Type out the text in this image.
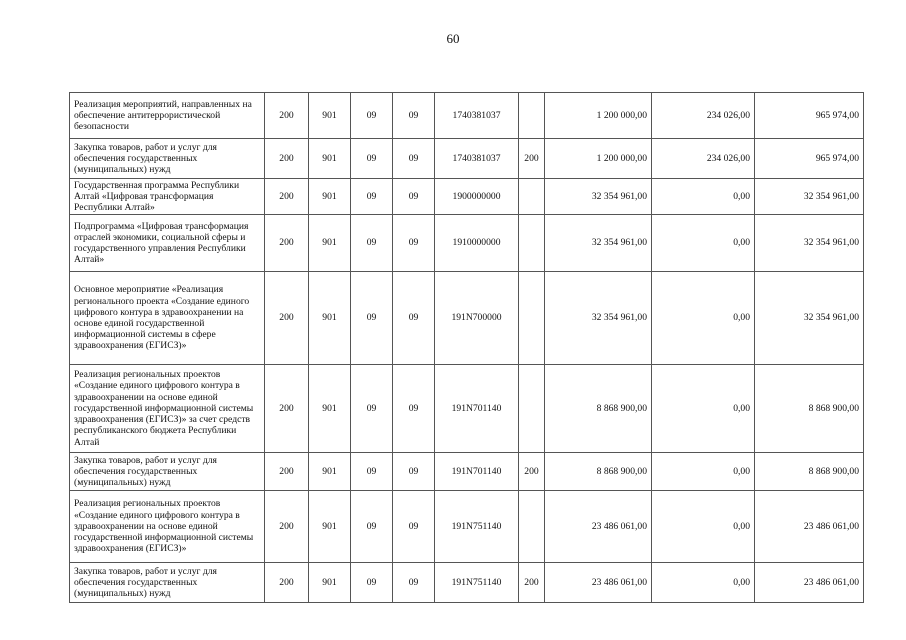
60
Реализация мероприятий, направленных на обеспечение антитеррористической безопасности	200	901	09	09	1740381037		1 200 000,00	234 026,00	965 974,00
Закупка товаров, работ и услуг для обеспечения государственных (муниципальных) нужд	200	901	09	09	1740381037	200	1 200 000,00	234 026,00	965 974,00
Государственная программа Республики Алтай «Цифровая трансформация Республики Алтай»	200	901	09	09	1900000000		32 354 961,00	0,00	32 354 961,00
Подпрограмма «Цифровая трансформация отраслей экономики, социальной сферы и государственного управления Республики Алтай»	200	901	09	09	1910000000		32 354 961,00	0,00	32 354 961,00
Основное мероприятие «Реализация регионального проекта «Создание единого цифрового контура в здравоохранении на основе единой государственной информационной системы в сфере здравоохранения (ЕГИСЗ)»	200	901	09	09	191N700000		32 354 961,00	0,00	32 354 961,00
Реализация региональных проектов «Создание единого цифрового контура в здравоохранении на основе единой государственной информационной системы здравоохранения (ЕГИСЗ)» за счет средств республиканского бюджета Республики Алтай	200	901	09	09	191N701140		8 868 900,00	0,00	8 868 900,00
Закупка товаров, работ и услуг для обеспечения государственных (муниципальных) нужд	200	901	09	09	191N701140	200	8 868 900,00	0,00	8 868 900,00
Реализация региональных проектов «Создание единого цифрового контура в здравоохранении на основе единой государственной информационной системы здравоохранения (ЕГИСЗ)»	200	901	09	09	191N751140		23 486 061,00	0,00	23 486 061,00
Закупка товаров, работ и услуг для обеспечения государственных (муниципальных) нужд	200	901	09	09	191N751140	200	23 486 061,00	0,00	23 486 061,00
